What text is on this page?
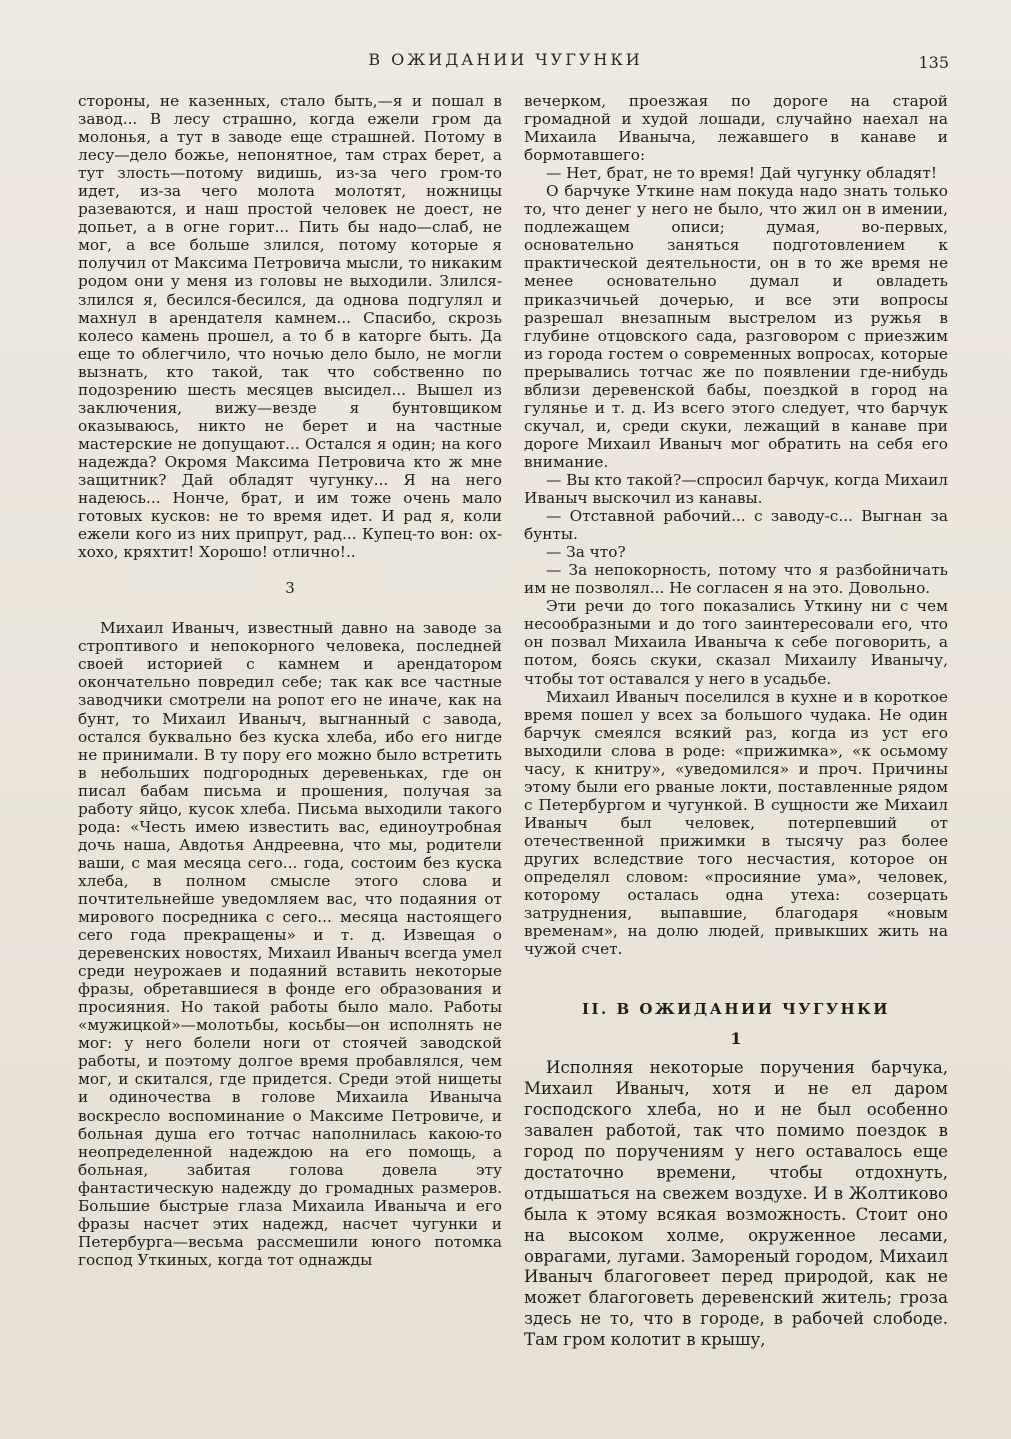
В ОЖИДАНИИ ЧУГУНКИ	135

стороны, не казенных, стало быть,—я и пошал в завод... В лесу страшно, когда ежели гром да молонья, а тут в заводе еще страшней. Потому в лесу—дело божье, непонятное, там страх берет, а тут злость—потому видишь, из-за чего гром-то идет, из-за чего молота молотят, ножницы разеваются, и наш простой человек не доест, не допьет, а в огне горит... Пить бы надо—слаб, не мог, а все больше злился, потому которые я получил от Максима Петровича мысли, то никаким родом они у меня из головы не выходили. Злился-злился я, бесился-бесился, да однова подгулял и махнул в арендателя камнем... Спасибо, скрозь колесо камень прошел, а то б в каторге быть. Да еще то облегчило, что ночью дело было, не могли вызнать, кто такой, так что собственно по подозрению шесть месяцев высидел... Вышел из заключения, вижу—везде я бунтовщиком оказываюсь, никто не берет и на частные мастерские не допущают... Остался я один; на кого надежда? Окромя Максима Петровича кто ж мне защитник? Дай обладят чугунку... Я на него надеюсь... Нонче, брат, и им тоже очень мало готовых кусков: не то время идет. И рад я, коли ежели кого из них припрут, рад... Купец-то вон: ох-хохо, кряхтит! Хорошо! отлично!..

3

Михаил Иваныч, известный давно на заводе за строптивого и непокорного человека, последней своей историей с камнем и арендатором окончательно повредил себе; так как все частные заводчики смотрели на ропот его не иначе, как на бунт, то Михаил Иваныч, выгнанный с завода, остался буквально без куска хлеба, ибо его нигде не принимали. В ту пору его можно было встретить в небольших подгородных деревеньках, где он писал бабам письма и прошения, получая за работу яйцо, кусок хлеба. Письма выходили такого рода: «Честь имею известить вас, единоутробная дочь наша, Авдотья Андреевна, что мы, родители ваши, с мая месяца сего... года, состоим без куска хлеба, в полном смысле этого слова и почтительнейше уведомляем вас, что подаяния от мирового посредника с сего... месяца настоящего сего года прекращены» и т. д. Извещая о деревенских новостях, Михаил Иваныч всегда умел среди неурожаев и подаяний вставить некоторые фразы, обретавшиеся в фонде его образования и просияния. Но такой работы было мало. Работы «мужицкой»—молотьбы, косьбы—он исполнять не мог: у него болели ноги от стоячей заводской работы, и поэтому долгое время пробавлялся, чем мог, и скитался, где придется. Среди этой нищеты и одиночества в голове Михаила Иваныча воскресло воспоминание о Максиме Петровиче, и больная душа его тотчас наполнилась какою-то неопределенной надеждою на его помощь, а больная, забитая голова довела эту фантастическую надежду до громадных размеров. Большие быстрые глаза Михаила Иваныча и его фразы насчет этих надежд, насчет чугунки и Петербурга—весьма рассмешили юного потомка господ Уткиных, когда тот однажды

вечерком, проезжая по дороге на старой громадной и худой лошади, случайно наехал на Михаила Иваныча, лежавшего в канаве и бормотавшего:

— Нет, брат, не то время! Дай чугунку обладят!

О барчуке Уткине нам покуда надо знать только то, что денег у него не было, что жил он в имении, подлежащем описи; думая, во-первых, основательно заняться подготовлением к практической деятельности, он в то же время не менее основательно думал и овладеть приказчичьей дочерью, и все эти вопросы разрешал внезапным выстрелом из ружья в глубине отцовского сада, разговором с приезжим из города гостем о современных вопросах, которые прерывались тотчас же по появлении где-нибудь вблизи деревенской бабы, поездкой в город на гулянье и т. д. Из всего этого следует, что барчук скучал, и, среди скуки, лежащий в канаве при дороге Михаил Иваныч мог обратить на себя его внимание.

— Вы кто такой?—спросил барчук, когда Михаил Иваныч выскочил из канавы.

— Отставной рабочий... с заводу-с... Выгнан за бунты.

— За что?

— За непокорность, потому что я разбойничать им не позволял... Не согласен я на это. Довольно.

Эти речи до того показались Уткину ни с чем несообразными и до того заинтересовали его, что он позвал Михаила Иваныча к себе поговорить, а потом, боясь скуки, сказал Михаилу Иванычу, чтобы тот оставался у него в усадьбе.

Михаил Иваныч поселился в кухне и в короткое время пошел у всех за большого чудака. Не один барчук смеялся всякий раз, когда из уст его выходили слова в роде: «прижимка», «к осьмому часу, к книтру», «уведомился» и проч. Причины этому были его рваные локти, поставленные рядом с Петербургом и чугункой. В сущности же Михаил Иваныч был человек, потерпевший от отечественной прижимки в тысячу раз более других вследствие того несчастия, которое он определял словом: «просияние ума», человек, которому осталась одна утеха: созерцать затруднения, выпавшие, благодаря «новым временам», на долю людей, привыкших жить на чужой счет.

II. В ОЖИДАНИИ ЧУГУНКИ
1

Исполняя некоторые поручения барчука, Михаил Иваныч, хотя и не ел даром господского хлеба, но и не был особенно завален работой, так что помимо поездок в город по поручениям у него оставалось еще достаточно времени, чтобы отдохнуть, отдышаться на свежем воздухе. И в Жолтиково была к этому всякая возможность. Стоит оно на высоком холме, окруженное лесами, оврагами, лугами. Замореный городом, Михаил Иваныч благоговеет перед природой, как не может благоговеть деревенский житель; гроза здесь не то, что в городе, в рабочей слободе. Там гром колотит в крышу,
